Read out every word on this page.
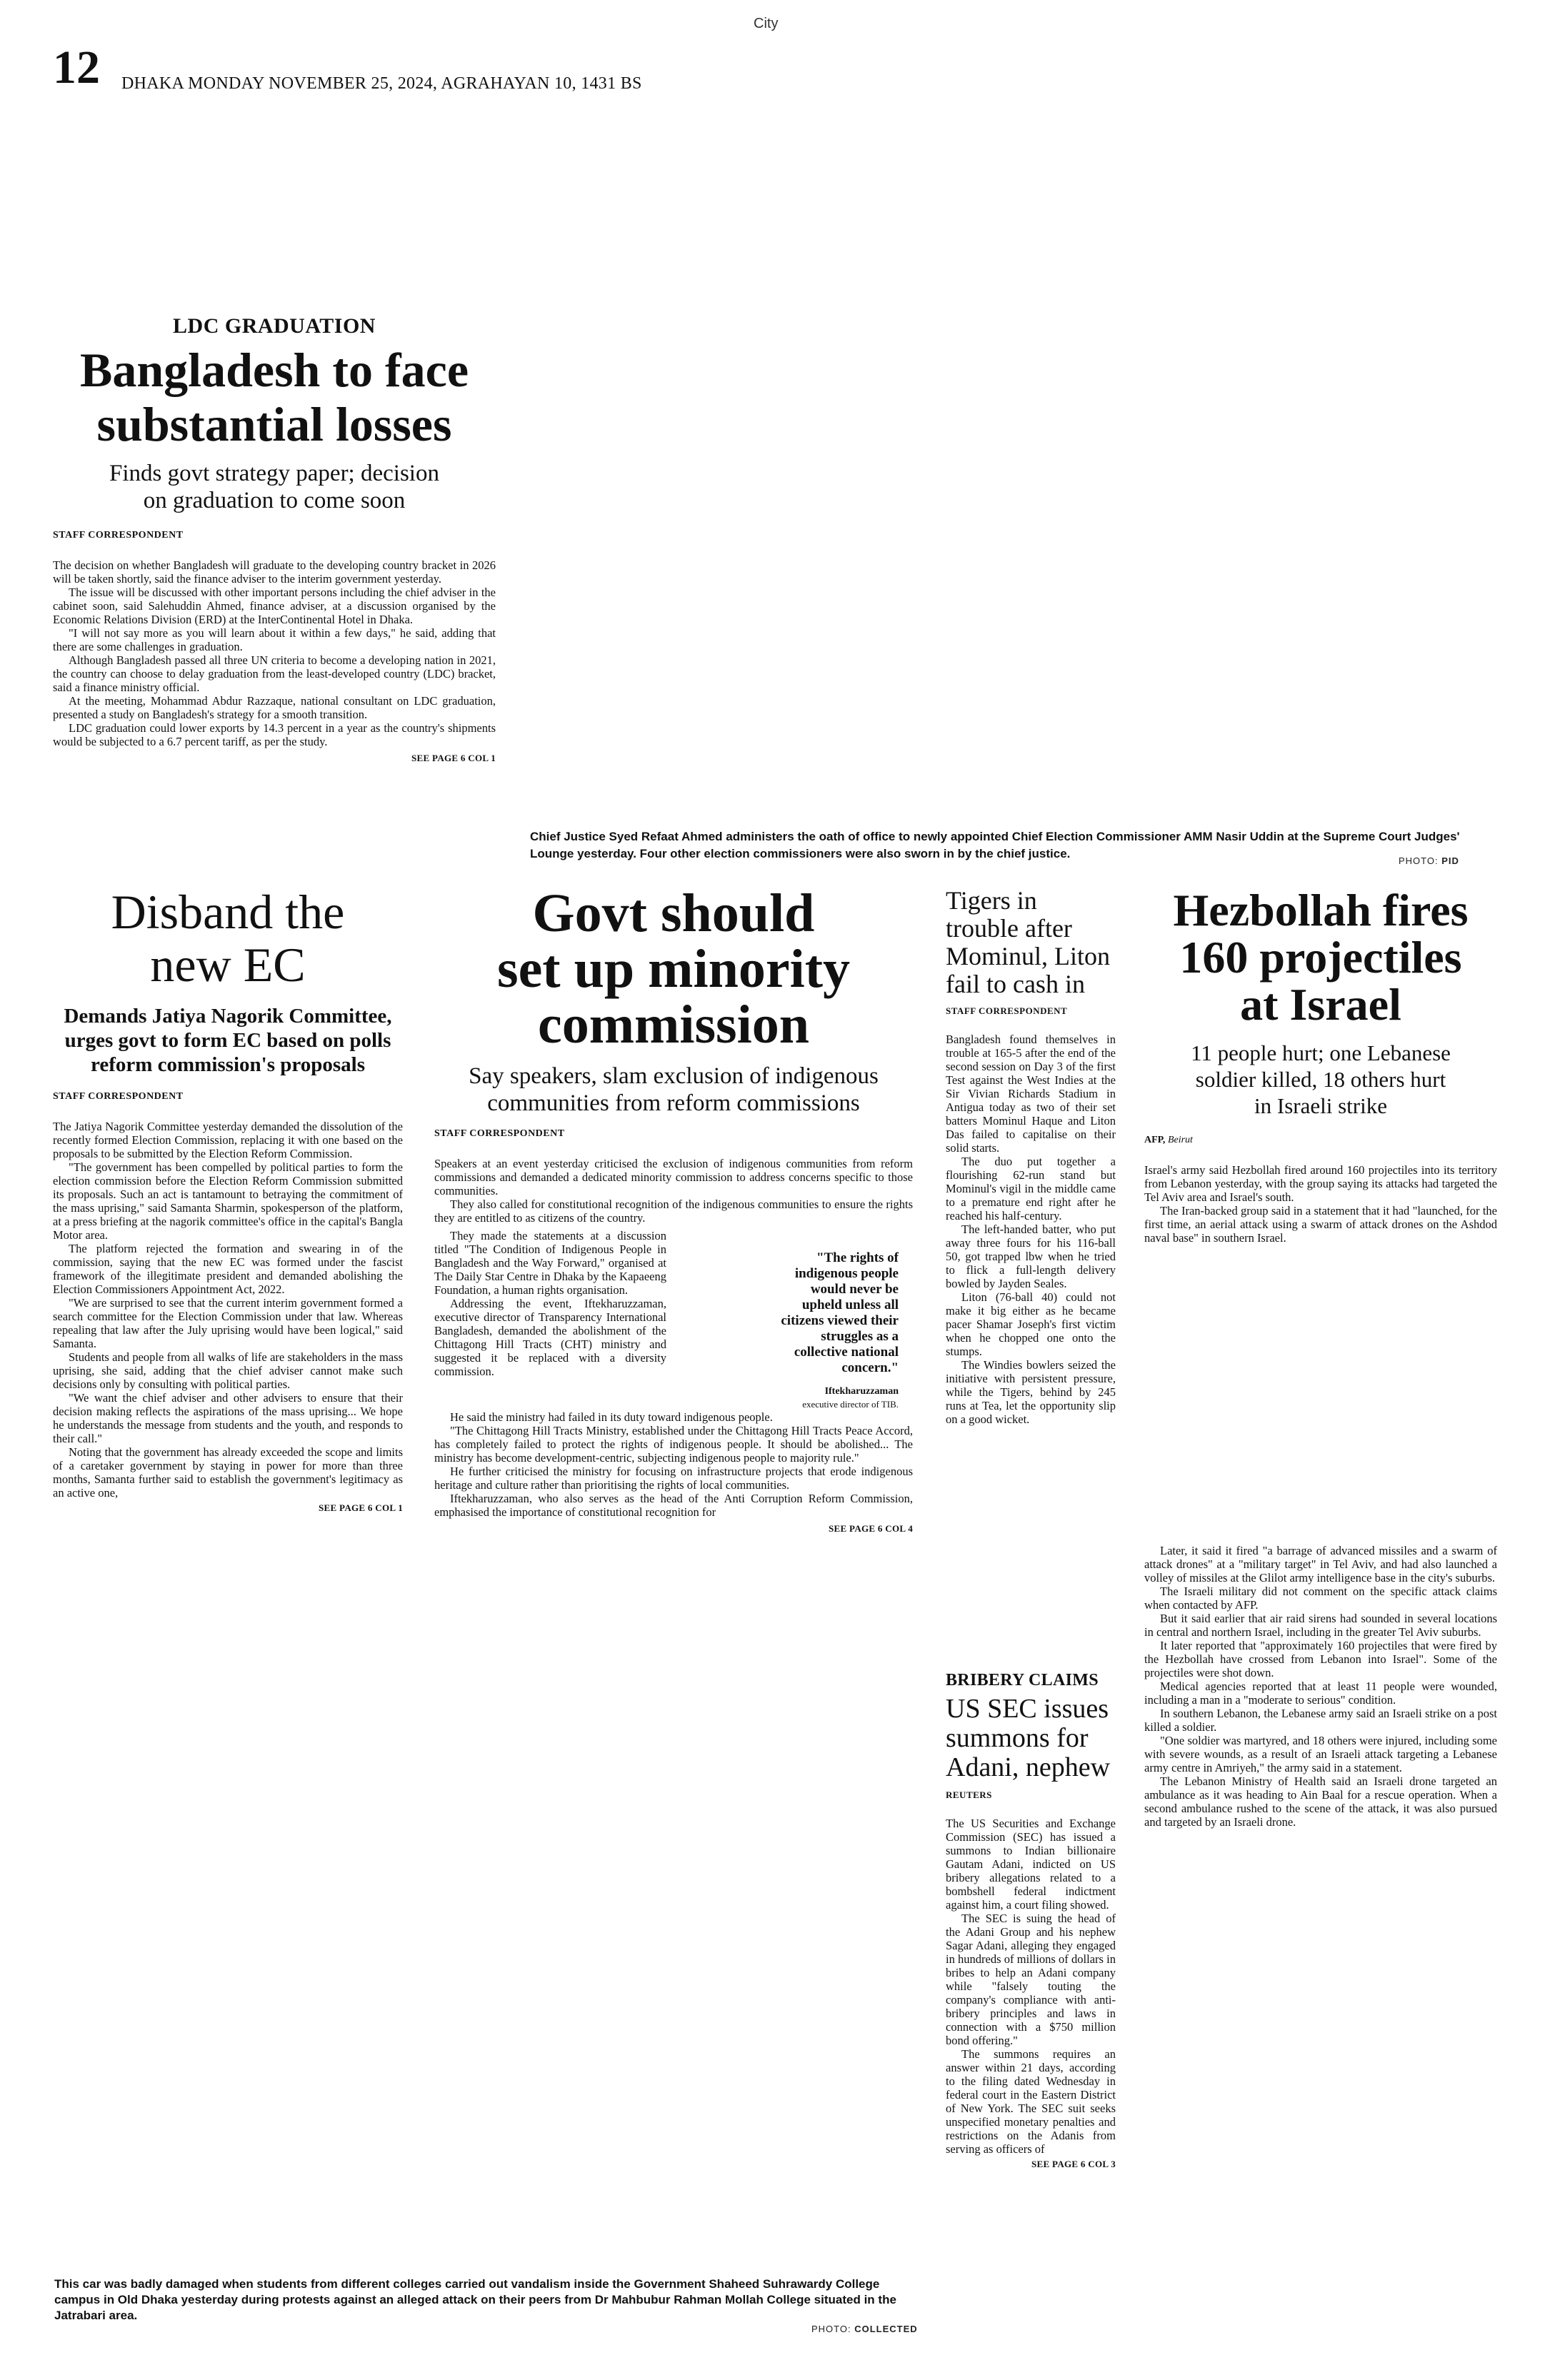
City
12 DHAKA MONDAY NOVEMBER 25, 2024, AGRAHAYAN 10, 1431 BS
LDC GRADUATION
Bangladesh to face
substantial losses
Finds govt strategy paper; decision
on graduation to come soon
STAFF CORRESPONDENT

The decision on whether Bangladesh will graduate to the developing country bracket in 2026 will be taken shortly, said the finance adviser to the interim government yesterday.

The issue will be discussed with other important persons including the chief adviser in the cabinet soon, said Salehuddin Ahmed, finance adviser, at a discussion organised by the Economic Relations Division (ERD) at the InterContinental Hotel in Dhaka.

"I will not say more as you will learn about it within a few days," he said, adding that there are some challenges in graduation.

Although Bangladesh passed all three UN criteria to become a developing nation in 2021, the country can choose to delay graduation from the least-developed country (LDC) bracket, said a finance ministry official.

At the meeting, Mohammad Abdur Razzaque, national consultant on LDC graduation, presented a study on Bangladesh's strategy for a smooth transition.

LDC graduation could lower exports by 14.3 percent in a year as the country's shipments would be subjected to a 6.7 percent tariff, as per the study.

SEE PAGE 6 COL 1
Chief Justice Syed Refaat Ahmed administers the oath of office to newly appointed Chief Election Commissioner AMM Nasir Uddin at the Supreme Court Judges' Lounge yesterday. Four other election commissioners were also sworn in by the chief justice.
PHOTO: PID
Disband the
new EC
Demands Jatiya Nagorik Committee, urges govt to form EC based on polls reform commission's proposals
STAFF CORRESPONDENT

The Jatiya Nagorik Committee yesterday demanded the dissolution of the recently formed Election Commission, replacing it with one based on the proposals to be submitted by the Election Reform Commission.

"The government has been compelled by political parties to form the election commission before the Election Reform Commission submitted its proposals. Such an act is tantamount to betraying the commitment of the mass uprising," said Samanta Sharmin, spokesperson of the platform, at a press briefing at the nagorik committee's office in the capital's Bangla Motor area.

The platform rejected the formation and swearing in of the commission, saying that the new EC was formed under the fascist framework of the illegitimate president and demanded abolishing the Election Commissioners Appointment Act, 2022.

"We are surprised to see that the current interim government formed a search committee for the Election Commission under that law. Whereas repealing that law after the July uprising would have been logical," said Samanta.

Students and people from all walks of life are stakeholders in the mass uprising, she said, adding that the chief adviser cannot make such decisions only by consulting with political parties.

"We want the chief adviser and other advisers to ensure that their decision making reflects the aspirations of the mass uprising... We hope he understands the message from students and the youth, and responds to their call."

Noting that the government has already exceeded the scope and limits of a caretaker government by staying in power for more than three months, Samanta further said to establish the government's legitimacy as an active one,

SEE PAGE 6 COL 1
Govt should
set up minority
commission
Say speakers, slam exclusion of indigenous
communities from reform commissions
STAFF CORRESPONDENT

Speakers at an event yesterday criticised the exclusion of indigenous communities from reform commissions and demanded a dedicated minority commission to address concerns specific to those communities.

They also called for constitutional recognition of the indigenous communities to ensure the rights they are entitled to as citizens of the country.

They made the statements at a discussion titled "The Condition of Indigenous People in Bangladesh and the Way Forward," organised at The Daily Star Centre in Dhaka by the Kapaeeng Foundation, a human rights organisation.

Addressing the event, Iftekharuzzaman, executive director of Transparency International Bangladesh, demanded the abolishment of the Chittagong Hill Tracts (CHT) ministry and suggested it be replaced with a diversity commission.

"The rights of indigenous people would never be upheld unless all citizens viewed their struggles as a collective national concern."
Iftekharuzzaman
executive director of TIB.

He said the ministry had failed in its duty toward indigenous people.

"The Chittagong Hill Tracts Ministry, established under the Chittagong Hill Tracts Peace Accord, has completely failed to protect the rights of indigenous people. It should be abolished... The ministry has become development-centric, subjecting indigenous people to majority rule."

He further criticised the ministry for focusing on infrastructure projects that erode indigenous heritage and culture rather than prioritising the rights of local communities.

Iftekharuzzaman, who also serves as the head of the Anti Corruption Reform Commission, emphasised the importance of constitutional recognition for

SEE PAGE 6 COL 4
Tigers in trouble after Mominul, Liton fail to cash in
STAFF CORRESPONDENT

Bangladesh found themselves in trouble at 165-5 after the end of the second session on Day 3 of the first Test against the West Indies at the Sir Vivian Richards Stadium in Antigua today as two of their set batters Mominul Haque and Liton Das failed to capitalise on their solid starts.

The duo put together a flourishing 62-run stand but Mominul's vigil in the middle came to a premature end right after he reached his half-century.

The left-handed batter, who put away three fours for his 116-ball 50, got trapped lbw when he tried to flick a full-length delivery bowled by Jayden Seales.

Liton (76-ball 40) could not make it big either as he became pacer Shamar Joseph's first victim when he chopped one onto the stumps.

The Windies bowlers seized the initiative with persistent pressure, while the Tigers, behind by 245 runs at Tea, let the opportunity slip on a good wicket.

BRIBERY CLAIMS
US SEC issues summons for Adani, nephew
REUTERS

The US Securities and Exchange Commission (SEC) has issued a summons to Indian billionaire Gautam Adani, indicted on US bribery allegations related to a bombshell federal indictment against him, a court filing showed.

The SEC is suing the head of the Adani Group and his nephew Sagar Adani, alleging they engaged in hundreds of millions of dollars in bribes to help an Adani company while "falsely touting the company's compliance with anti-bribery principles and laws in connection with a $750 million bond offering."

The summons requires an answer within 21 days, according to the filing dated Wednesday in federal court in the Eastern District of New York. The SEC suit seeks unspecified monetary penalties and restrictions on the Adanis from serving as officers of

SEE PAGE 6 COL 3
Hezbollah fires
160 projectiles
at Israel
11 people hurt; one Lebanese
soldier killed, 18 others hurt
in Israeli strike
AFP, Beirut

Israel's army said Hezbollah fired around 160 projectiles into its territory from Lebanon yesterday, with the group saying its attacks had targeted the Tel Aviv area and Israel's south.

The Iran-backed group said in a statement that it had "launched, for the first time, an aerial attack using a swarm of attack drones on the Ashdod naval base" in southern Israel.

Later, it said it fired "a barrage of advanced missiles and a swarm of attack drones" at a "military target" in Tel Aviv, and had also launched a volley of missiles at the Glilot army intelligence base in the city's suburbs.

The Israeli military did not comment on the specific attack claims when contacted by AFP.

But it said earlier that air raid sirens had sounded in several locations in central and northern Israel, including in the greater Tel Aviv suburbs.

It later reported that "approximately 160 projectiles that were fired by the Hezbollah have crossed from Lebanon into Israel". Some of the projectiles were shot down.

Medical agencies reported that at least 11 people were wounded, including a man in a "moderate to serious" condition.

In southern Lebanon, the Lebanese army said an Israeli strike on a post killed a soldier.

"One soldier was martyred, and 18 others were injured, including some with severe wounds, as a result of an Israeli attack targeting a Lebanese army centre in Amriyeh," the army said in a statement.

The Lebanon Ministry of Health said an Israeli drone targeted an ambulance as it was heading to Ain Baal for a rescue operation. When a second ambulance rushed to the scene of the attack, it was also pursued and targeted by an Israeli drone.

This car was badly damaged when students from different colleges carried out vandalism inside the Government Shaheed Suhrawardy College campus in Old Dhaka yesterday during protests against an alleged attack on their peers from Dr Mahbubur Rahman Mollah College situated in the Jatrabari area.
PHOTO: COLLECTED
